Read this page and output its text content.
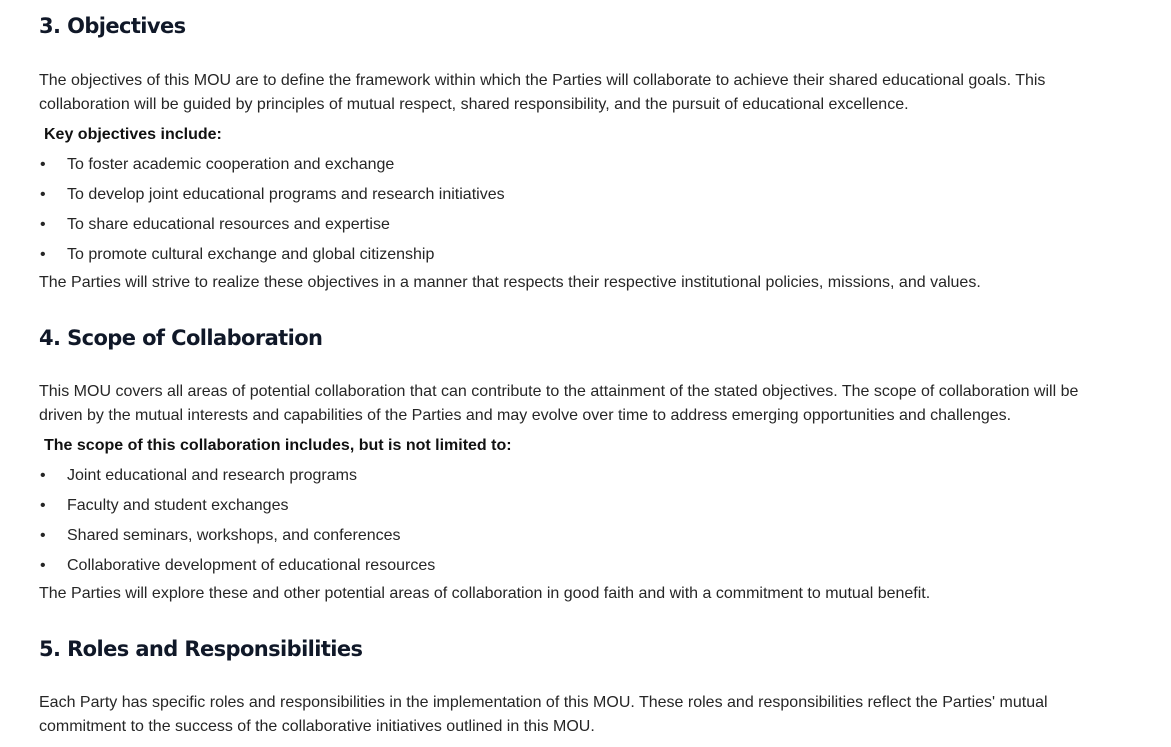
3. Objectives

The objectives of this MOU are to define the framework within which the Parties will collaborate to achieve their shared educational goals. This

collaboration will be guided by principles of mutual respect, shared responsibility, and the pursuit of educational excellence.

Key objectives include:

• To foster academic cooperation and exchange
• To develop joint educational programs and research initiatives
• To share educational resources and expertise
• To promote cultural exchange and global citizenship

The Parties will strive to realize these objectives in a manner that respects their respective institutional policies, missions, and values.

4. Scope of Collaboration

This MOU covers all areas of potential collaboration that can contribute to the attainment of the stated objectives. The scope of collaboration will be

driven by the mutual interests and capabilities of the Parties and may evolve over time to address emerging opportunities and challenges.

The scope of this collaboration includes, but is not limited to:

• Joint educational and research programs
• Faculty and student exchanges
• Shared seminars, workshops, and conferences
• Collaborative development of educational resources

The Parties will explore these and other potential areas of collaboration in good faith and with a commitment to mutual benefit.

5. Roles and Responsibilities

Each Party has specific roles and responsibilities in the implementation of this MOU. These roles and responsibilities reflect the Parties' mutual

commitment to the success of the collaborative initiatives outlined in this MOU.
